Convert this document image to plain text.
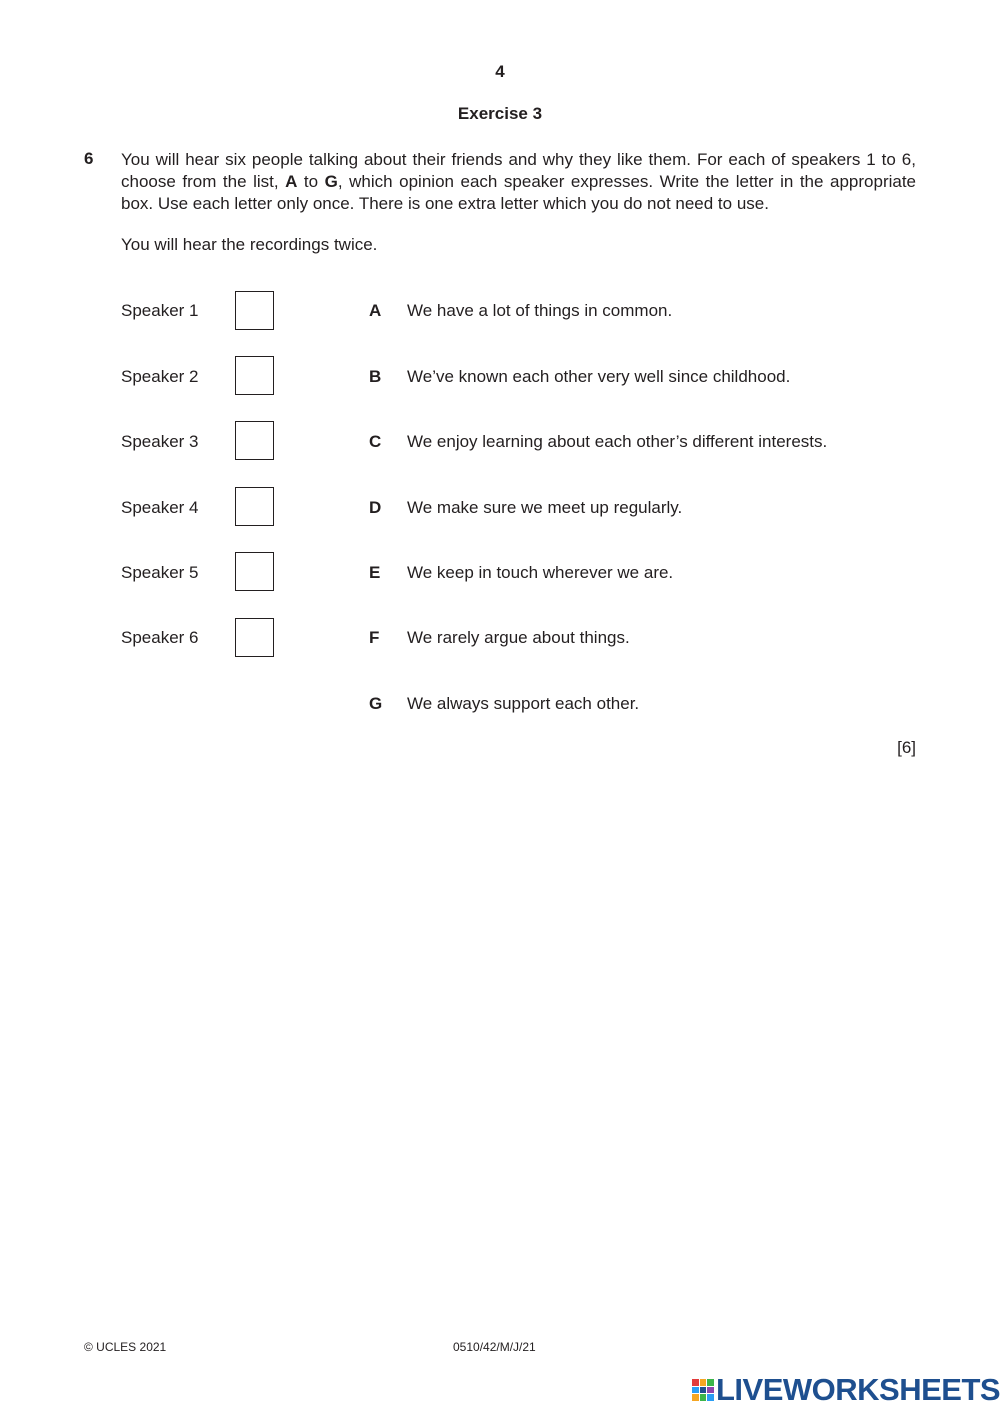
4
Exercise 3
6 You will hear six people talking about their friends and why they like them. For each of speakers 1 to 6, choose from the list, A to G, which opinion each speaker expresses. Write the letter in the appropriate box. Use each letter only once. There is one extra letter which you do not need to use.
You will hear the recordings twice.
Speaker 1
Speaker 2
Speaker 3
Speaker 4
Speaker 5
Speaker 6
A We have a lot of things in common.
B We’ve known each other very well since childhood.
C We enjoy learning about each other’s different interests.
D We make sure we meet up regularly.
E We keep in touch wherever we are.
F We rarely argue about things.
G We always support each other.
[6]
© UCLES 2021	0510/42/M/J/21
LIVEWORKSHEETS
